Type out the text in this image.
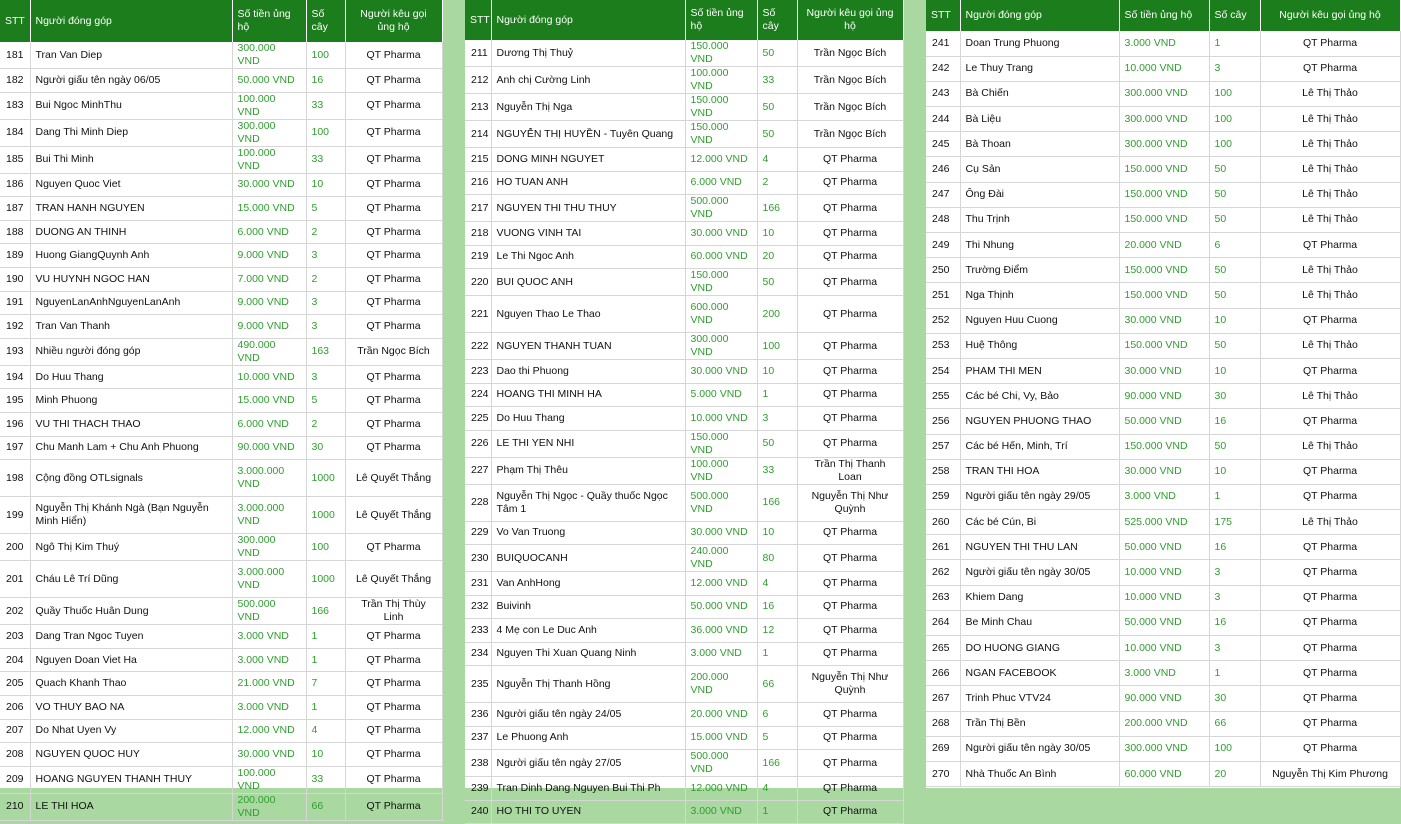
STT	Người đóng góp	Số tiền ủng hộ	Số cây	Người kêu gọi ủng hộ
181	Tran Van Diep	300.000 VND	100	QT Pharma
182	Người giấu tên ngày 06/05	50.000 VND	16	QT Pharma
183	Bui Ngoc MinhThu	100.000 VND	33	QT Pharma
184	Dang Thi Minh Diep	300.000 VND	100	QT Pharma
185	Bui Thi Minh	100.000 VND	33	QT Pharma
186	Nguyen Quoc Viet	30.000 VND	10	QT Pharma
187	TRAN HANH NGUYEN	15.000 VND	5	QT Pharma
188	DUONG AN THINH	6.000 VND	2	QT Pharma
189	Huong GiangQuynh Anh	9.000 VND	3	QT Pharma
190	VU HUYNH NGOC HAN	7.000 VND	2	QT Pharma
191	NguyenLanAnhNguyenLanAnh	9.000 VND	3	QT Pharma
192	Tran Van Thanh	9.000 VND	3	QT Pharma
193	Nhiều người đóng góp	490.000 VND	163	Trần Ngọc Bích
194	Do Huu Thang	10.000 VND	3	QT Pharma
195	Minh Phuong	15.000 VND	5	QT Pharma
196	VU THI THACH THAO	6.000 VND	2	QT Pharma
197	Chu Manh Lam + Chu Anh Phuong	90.000 VND	30	QT Pharma
198	Cộng đồng OTLsignals	3.000.000 VND	1000	Lê Quyết Thắng
199	Nguyễn Thị Khánh Ngà (Bạn Nguyễn Minh Hiển)	3.000.000 VND	1000	Lê Quyết Thắng
200	Ngô Thị Kim Thuý	300.000 VND	100	QT Pharma
201	Cháu Lê Trí Dũng	3.000.000 VND	1000	Lê Quyết Thắng
202	Quầy Thuốc Huân Dung	500.000 VND	166	Trần Thị Thùy Linh
203	Dang Tran Ngoc Tuyen	3.000 VND	1	QT Pharma
204	Nguyen Doan Viet Ha	3.000 VND	1	QT Pharma
205	Quach Khanh Thao	21.000 VND	7	QT Pharma
206	VO THUY BAO NA	3.000 VND	1	QT Pharma
207	Do Nhat Uyen Vy	12.000 VND	4	QT Pharma
208	NGUYEN QUOC HUY	30.000 VND	10	QT Pharma
209	HOANG NGUYEN THANH THUY	100.000 VND	33	QT Pharma
210	LE THI HOA	200.000 VND	66	QT Pharma
STT	Người đóng góp	Số tiền ủng hộ	Số cây	Người kêu gọi ủng hộ
211	Dương Thị Thuỷ	150.000 VND	50	Trần Ngọc Bích
212	Anh chị Cường Linh	100.000 VND	33	Trần Ngọc Bích
213	Nguyễn Thị Nga	150.000 VND	50	Trần Ngọc Bích
214	NGUYỄN THỊ HUYỀN - Tuyên Quang	150.000 VND	50	Trần Ngọc Bích
215	DONG MINH NGUYET	12.000 VND	4	QT Pharma
216	HO TUAN ANH	6.000 VND	2	QT Pharma
217	NGUYEN THI THU THUY	500.000 VND	166	QT Pharma
218	VUONG VINH TAI	30.000 VND	10	QT Pharma
219	Le Thi Ngoc Anh	60.000 VND	20	QT Pharma
220	BUI QUOC ANH	150.000 VND	50	QT Pharma
221	Nguyen Thao Le Thao	600.000 VND	200	QT Pharma
222	NGUYEN THANH TUAN	300.000 VND	100	QT Pharma
223	Dao thi Phuong	30.000 VND	10	QT Pharma
224	HOANG THI MINH HA	5.000 VND	1	QT Pharma
225	Do Huu Thang	10.000 VND	3	QT Pharma
226	LE THI YEN NHI	150.000 VND	50	QT Pharma
227	Phạm Thị Thêu	100.000 VND	33	Trần Thị Thanh Loan
228	Nguyễn Thị Ngọc - Quầy thuốc Ngọc Tâm 1	500.000 VND	166	Nguyễn Thị Như Quỳnh
229	Vo Van Truong	30.000 VND	10	QT Pharma
230	BUIQUOCANH	240.000 VND	80	QT Pharma
231	Van AnhHong	12.000 VND	4	QT Pharma
232	Buivinh	50.000 VND	16	QT Pharma
233	4 Mẹ con Le Duc Anh	36.000 VND	12	QT Pharma
234	Nguyen Thi Xuan Quang Ninh	3.000 VND	1	QT Pharma
235	Nguyễn Thị Thanh Hồng	200.000 VND	66	Nguyễn Thị Như Quỳnh
236	Người giấu tên ngày 24/05	20.000 VND	6	QT Pharma
237	Le Phuong Anh	15.000 VND	5	QT Pharma
238	Người giấu tên ngày 27/05	500.000 VND	166	QT Pharma
239	Tran Dinh Dang Nguyen Bui Thi Ph	12.000 VND	4	QT Pharma
240	HO THI TO UYEN	3.000 VND	1	QT Pharma
STT	Người đóng góp	Số tiền ủng hộ	Số cây	Người kêu gọi ủng hộ
241	Doan Trung Phuong	3.000 VND	1	QT Pharma
242	Le Thuy Trang	10.000 VND	3	QT Pharma
243	Bà Chiến	300.000 VND	100	Lê Thị Thảo
244	Bà Liệu	300.000 VND	100	Lê Thị Thảo
245	Bà Thoan	300.000 VND	100	Lê Thị Thảo
246	Cụ Sản	150.000 VND	50	Lê Thị Thảo
247	Ông Đài	150.000 VND	50	Lê Thị Thảo
248	Thu Trịnh	150.000 VND	50	Lê Thị Thảo
249	Thi Nhung	20.000 VND	6	QT Pharma
250	Trường Điểm	150.000 VND	50	Lê Thị Thảo
251	Nga Thịnh	150.000 VND	50	Lê Thị Thảo
252	Nguyen Huu Cuong	30.000 VND	10	QT Pharma
253	Huệ Thông	150.000 VND	50	Lê Thị Thảo
254	PHAM THI MEN	30.000 VND	10	QT Pharma
255	Các bé Chi, Vy, Bảo	90.000 VND	30	Lê Thị Thảo
256	NGUYEN PHUONG THAO	50.000 VND	16	QT Pharma
257	Các bé Hến, Minh, Trí	150.000 VND	50	Lê Thị Thảo
258	TRAN THI HOA	30.000 VND	10	QT Pharma
259	Người giấu tên ngày 29/05	3.000 VND	1	QT Pharma
260	Các bé Cún, Bi	525.000 VND	175	Lê Thị Thảo
261	NGUYEN THI THU LAN	50.000 VND	16	QT Pharma
262	Người giấu tên ngày 30/05	10.000 VND	3	QT Pharma
263	Khiem Dang	10.000 VND	3	QT Pharma
264	Be Minh Chau	50.000 VND	16	QT Pharma
265	DO HUONG GIANG	10.000 VND	3	QT Pharma
266	NGAN FACEBOOK	3.000 VND	1	QT Pharma
267	Trinh Phuc VTV24	90.000 VND	30	QT Pharma
268	Trần Thị Bền	200.000 VND	66	QT Pharma
269	Người giấu tên ngày 30/05	300.000 VND	100	QT Pharma
270	Nhà Thuốc An Bình	60.000 VND	20	Nguyễn Thị Kim Phương
